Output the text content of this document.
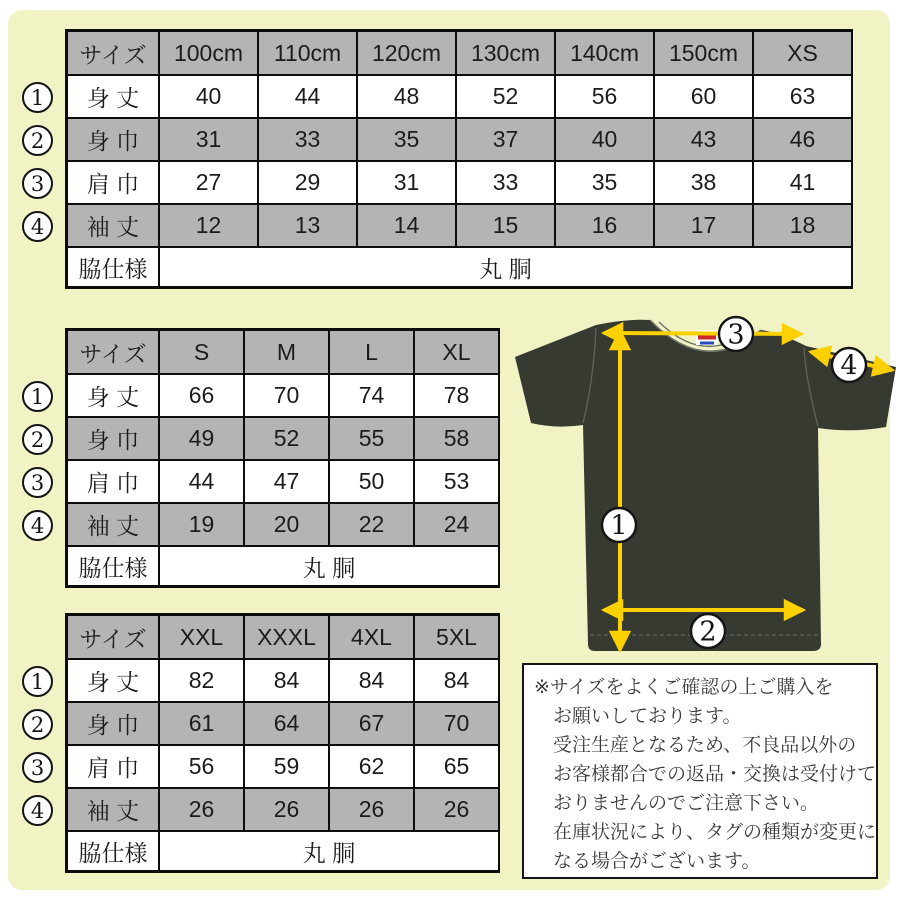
サイズ	100cm	110cm	120cm	130cm	140cm	150cm	XS
1	身 丈	40	44	48	52	56	60	63
2	身 巾	31	33	35	37	40	43	46
3	肩 巾	27	29	31	33	35	38	41
4	袖 丈	12	13	14	15	16	17	18
脇仕様	丸 胴
サイズ	S	M	L	XL
1	身 丈	66	70	74	78
2	身 巾	49	52	55	58
3	肩 巾	44	47	50	53
4	袖 丈	19	20	22	24
脇仕様	丸 胴
サイズ	XXL	XXXL	4XL	5XL
1	身 丈	82	84	84	84
2	身 巾	61	64	67	70
3	肩 巾	56	59	62	65
4	袖 丈	26	26	26	26
脇仕様	丸 胴
3
4
1
2
※サイズをよくご確認の上ご購入を
お願いしております。
受注生産となるため、不良品以外の
お客様都合での返品・交換は受付けて
おりませんのでご注意下さい。
在庫状況により、タグの種類が変更に
なる場合がございます。
